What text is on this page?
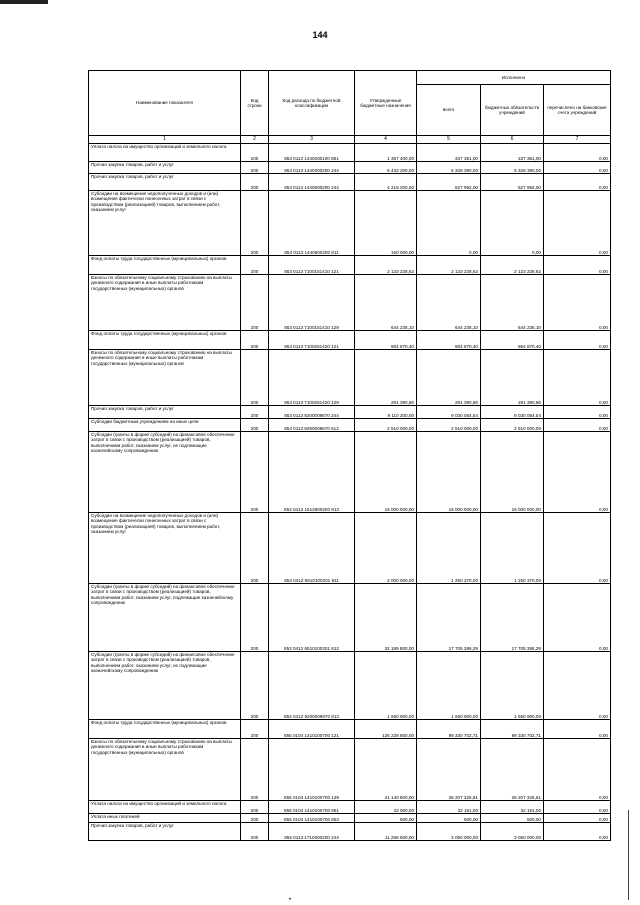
144
Наименование показателя	Код строки	Код расхода по бюджетной классификации	Утвержденные бюджетные назначения	Исполнено		
				всего	бюджетных обязательств учреждений	перечислено на банковские счета учреждений
1	2	3	4	5	6	7
Уплата налога на имущество организаций и земельного налога	200	853 0113 1440200100 851	1 367 400,00	337 351,00	337 351,00	0,00
Прочая закупка товаров, работ и услуг	200	853 0113 1440300200 244	6 432 200,00	6 328 390,00	6 328 390,00	0,00
Прочая закупка товаров, работ и услуг	200	853 0113 1440500200 244	4 215 200,00	627 992,00	627 992,00	0,00
Субсидии на возмещение недополученных доходов и (или) возмещение фактически понесенных затрат в связи с производством (реализацией) товаров, выполнением работ, оказанием услуг	200	853 0113 1440600200 811	150 000,00	0,00	0,00	0,00
Фонд оплаты труда государственных (муниципальных) органов	200	853 0113 7100151410 121	2 133 228,62	2 133 228,62	2 133 228,62	0,00
Взносы по обязательному социальному страхованию на выплаты денежного содержания и иные выплаты работникам государственных (муниципальных) органов	200	853 0113 7100151410 129	644 235,10	644 235,10	644 235,10	0,00
Фонд оплаты труда государственных (муниципальных) органов	200	853 0113 7100251420 121	964 870,40	964 870,40	964 870,40	0,00
Взносы по обязательному социальному страхованию на выплаты денежного содержания и иные выплаты работникам государственных (муниципальных) органов	200	853 0113 7100251420 129	291 390,86	291 390,86	291 390,86	0,00
Прочая закупка товаров, работ и услуг	200	853 0113 9200009870 244	9 110 200,00	9 030 054,54	9 030 054,54	0,00
Субсидии бюджетным учреждениям на иные цели	200	853 0113 9290009870 612	2 510 000,00	2 510 000,00	2 510 000,00	0,00
Субсидии (гранты в форме субсидий) на финансовое обеспечение затрат в связи с производством (реализацией) товаров, выполнением работ, оказанием услуг, не подлежащие казначейскому сопровождению	200	853 0412 1512800200 813	16 000 000,00	16 000 000,00	16 000 000,00	0,00
Субсидии на возмещение недополученных доходов и (или) возмещение фактически понесенных затрат в связи с производством (реализацией) товаров, выполнением работ, оказанием услуг	200	853 0412 6510100201 811	2 000 000,00	1 250 370,00	1 250 370,00	0,00
Субсидии (гранты в форме субсидий) на финансовое обеспечение затрат в связи с производством (реализацией) товаров, выполнением работ, оказанием услуг, подлежащие казначейскому сопровождению	200	853 0412 6510100201 812	32 189 800,00	17 705 386,29	17 705 386,29	0,00
Субсидии (гранты в форме субсидий) на финансовое обеспечение затрат в связи с производством (реализацией) товаров, выполнением работ, оказанием услуг, не подлежащие казначейскому сопровождению	200	853 0412 9200009870 813	1 650 900,00	1 650 900,00	1 650 900,00	0,00
Фонд оплаты труда государственных (муниципальных) органов	200	855 0104 1410100700 121	136 228 800,00	99 330 702,71	99 330 702,71	0,00
Взносы по обязательному социальному страхованию на выплаты денежного содержания и иные выплаты работникам государственных (муниципальных) органов	200	855 0104 1410100700 129	41 140 600,00	28 207 326,61	28 207 326,61	0,00
Уплата налога на имущество организаций и земельного налога	200	855 0104 1410100700 851	43 000,00	32 151,00	32 151,00	0,00
Уплата иных платежей	200	855 0104 1410100700 853	500,00	500,00	500,00	0,00
Прочая закупка товаров, работ и услуг	200	855 0113 1710300200 244	11 258 600,00	3 050 000,00	3 050 000,00	0,00
•
